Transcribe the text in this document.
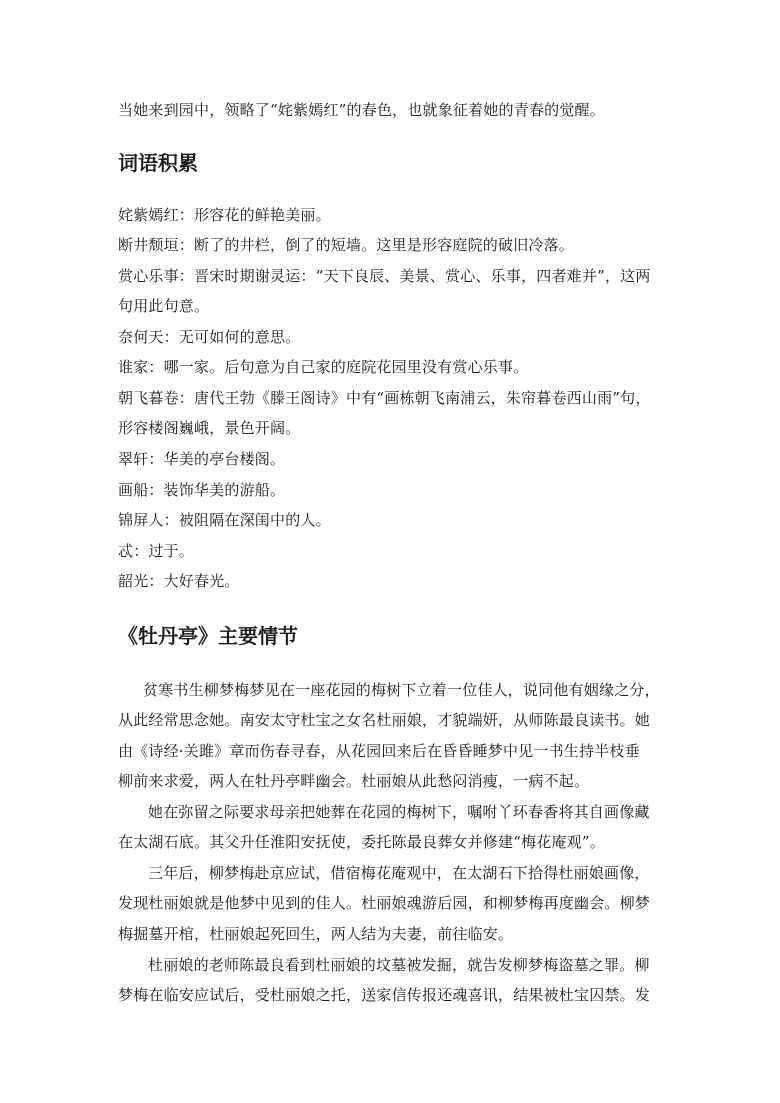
当她来到园中，领略了“姹紫嫣红”的春色，也就象征着她的青春的觉醒。
词语积累
姹紫嫣红：形容花的鲜艳美丽。
断井颓垣：断了的井栏，倒了的短墙。这里是形容庭院的破旧冷落。
赏心乐事：晋宋时期谢灵运：“天下良辰、美景、赏心、乐事，四者难并”，这两
句用此句意。
奈何天：无可如何的意思。
谁家：哪一家。后句意为自己家的庭院花园里没有赏心乐事。
朝飞暮卷：唐代王勃《滕王阁诗》中有“画栋朝飞南浦云，朱帘暮卷西山雨”句，
形容楼阁巍峨，景色开阔。
翠轩：华美的亭台楼阁。
画船：装饰华美的游船。
锦屏人：被阻隔在深闺中的人。
忒：过于。
韶光：大好春光。
《牡丹亭》主要情节
贫寒书生柳梦梅梦见在一座花园的梅树下立着一位佳人，说同他有姻缘之分，
从此经常思念她。南安太守杜宝之女名杜丽娘，才貌端妍，从师陈最良读书。她
由《诗经·关雎》章而伤春寻春，从花园回来后在昏昏睡梦中见一书生持半枝垂
柳前来求爱，两人在牡丹亭畔幽会。杜丽娘从此愁闷消瘦，一病不起。
她在弥留之际要求母亲把她葬在花园的梅树下，嘱咐丫环春香将其自画像藏
在太湖石底。其父升任淮阳安抚使，委托陈最良葬女并修建“梅花庵观”。
三年后，柳梦梅赴京应试，借宿梅花庵观中，在太湖石下拾得杜丽娘画像，
发现杜丽娘就是他梦中见到的佳人。杜丽娘魂游后园，和柳梦梅再度幽会。柳梦
梅掘墓开棺，杜丽娘起死回生，两人结为夫妻，前往临安。
杜丽娘的老师陈最良看到杜丽娘的坟墓被发掘，就告发柳梦梅盗墓之罪。柳
梦梅在临安应试后，受杜丽娘之托，送家信传报还魂喜讯，结果被杜宝囚禁。发
